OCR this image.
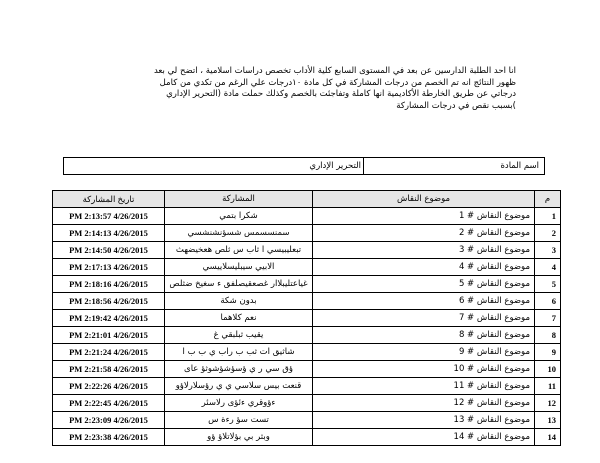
انا احد الطلبة الدارسين عن بعد في المستوى السابع كلية الأداب تخصص دراسات اسلامية ، اتضح لي بعد
ظهور النتائج انه تم الخصم من درجات المشاركة في كل مادة ١٠درجات علي الرغم من تكدي من كامل
درجاتي عن طريق الخارطة الأكاديمية انها كاملة وتفاجئت بالخصم وكذلك حملت مادة (التحرير الإداري
)بسبب نقص في درجات المشاركة
التحرير الإداري	اسم المادة
تاريخ المشاركة	المشاركة	موضوع النقاش	م
PM 2:13:57 4/26/2015	شكرا بتمي	موضوع النقاش # 1	1
PM 2:14:13 4/26/2015	سمنسسمس شسؤنشنشسي	موضوع النقاش # 2	2
PM 2:14:50 4/26/2015	تبعليبيسي ا ثاب س ثلص هعخيضهث	موضوع النقاش # 3	3
PM 2:17:13 4/26/2015	الابيي سيبليسلاييسي	موضوع النقاش # 4	4
PM 2:18:16 4/26/2015	غياعتليبلاار غصعقيصلفق ء سغيخ ضثلص	موضوع النقاش # 5	5
PM 2:18:56 4/26/2015	بدون شكة	موضوع النقاش # 6	6
PM 2:19:42 4/26/2015	نعم كلاهما	موضوع النقاش # 7	7
PM 2:21:01 4/26/2015	يقيب ثبلبقي غ	موضوع النقاش # 8	8
PM 2:21:24 4/26/2015	شاثيق ات ثب ب راب ي ب ب ا	موضوع النقاش # 9	9
PM 2:21:58 4/26/2015	ؤق سي ر ي ؤسؤشؤشوثؤ عاى	موضوع النقاش # 10	10
PM 2:22:26 4/26/2015	قنعت بيس سلاسي ي ي رؤسلارلاؤو	موضوع النقاش # 11	11
PM 2:22:45 4/26/2015	ءؤوقري ءئؤى رلاسئر	موضوع النقاش # 12	12
PM 2:23:09 4/26/2015	تست سؤ رءة س	موضوع النقاش # 13	13
PM 2:23:38 4/26/2015	وبثر بي بؤلاتلاؤ ؤو	موضوع النقاش # 14	14
